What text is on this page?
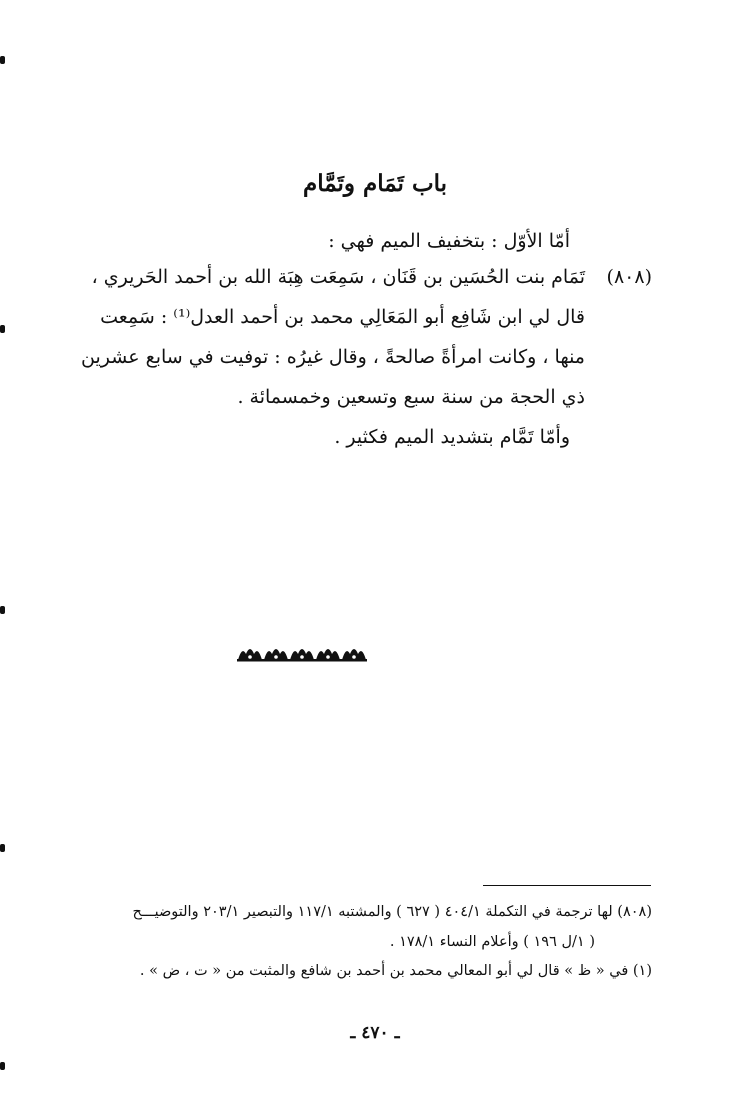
باب تَمَام وتَمَّام
أمّا الأوّل : بتخفيف الميم فهي :
(٨٠٨)
تَمَام بنت الحُسَين بن قَنَان ، سَمِعَت هِبَة الله بن أحمد الحَريري ،
قال لي ابن شَافِع أبو المَعَالِي محمد بن أحمد العدل⁽¹⁾ : سَمِعت
منها ، وكانت امرأةً صالحةً ، وقال غيرُه : توفيت في سابع عشرين
ذي الحجة من سنة سبع وتسعين وخمسمائة .
وأمّا تَمَّام بتشديد الميم فكثير .
(٨٠٨) لها ترجمة في التكملة ٤٠٤/١ ( ٦٢٧ ) والمشتبه ١١٧/١ والتبصير ٢٠٣/١ والتوضيـــح
( ١/ل ١٩٦ ) وأعلام النساء ١٧٨/١ .
(١) في « ظ » قال لي أبو المعالي محمد بن أحمد بن شافع والمثبت من « ت ، ض » .
ـ ٤٧٠ ـ
